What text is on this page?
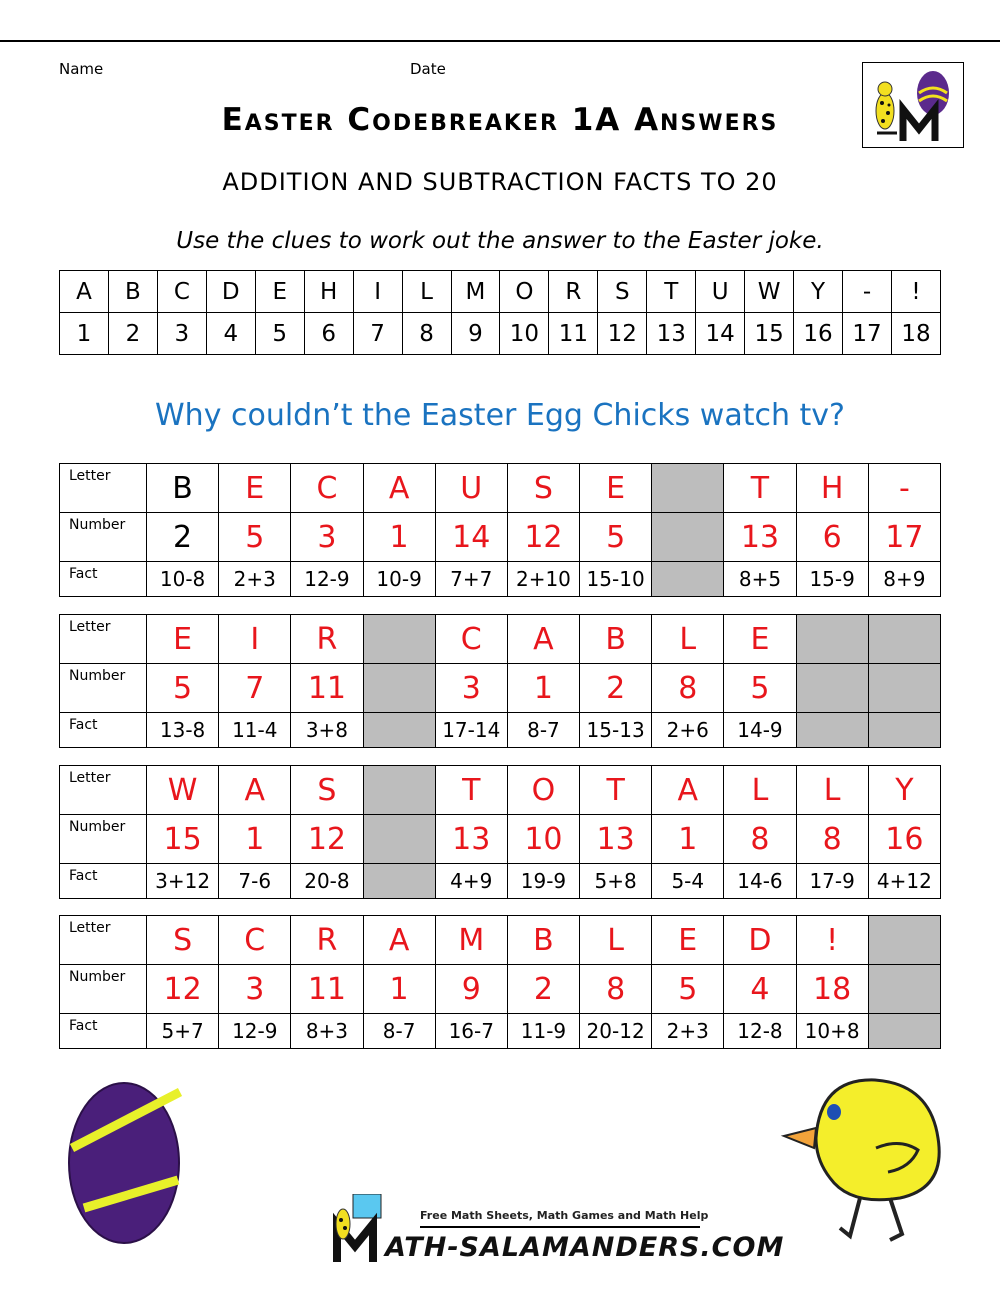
Name	Date
Easter Codebreaker 1A Answers
ADDITION AND SUBTRACTION FACTS TO 20
Use the clues to work out the answer to the Easter joke.
A	B	C	D	E	H	I	L	M	O	R	S	T	U	W	Y	-	!
1	2	3	4	5	6	7	8	9	10	11	12	13	14	15	16	17	18
Why couldn’t the Easter Egg Chicks watch tv?
Letter	B	E	C	A	U	S	E		T	H	-
Number	2	5	3	1	14	12	5		13	6	17
Fact	10-8	2+3	12-9	10-9	7+7	2+10	15-10		8+5	15-9	8+9
Letter	E	I	R		C	A	B	L	E		
Number	5	7	11		3	1	2	8	5		
Fact	13-8	11-4	3+8		17-14	8-7	15-13	2+6	14-9		
Letter	W	A	S		T	O	T	A	L	L	Y
Number	15	1	12		13	10	13	1	8	8	16
Fact	3+12	7-6	20-8		4+9	19-9	5+8	5-4	14-6	17-9	4+12
Letter	S	C	R	A	M	B	L	E	D	!	
Number	12	3	11	1	9	2	8	5	4	18	
Fact	5+7	12-9	8+3	8-7	16-7	11-9	20-12	2+3	12-8	10+8	
Free Math Sheets, Math Games and Math Help
ATH-SALAMANDERS.COM
